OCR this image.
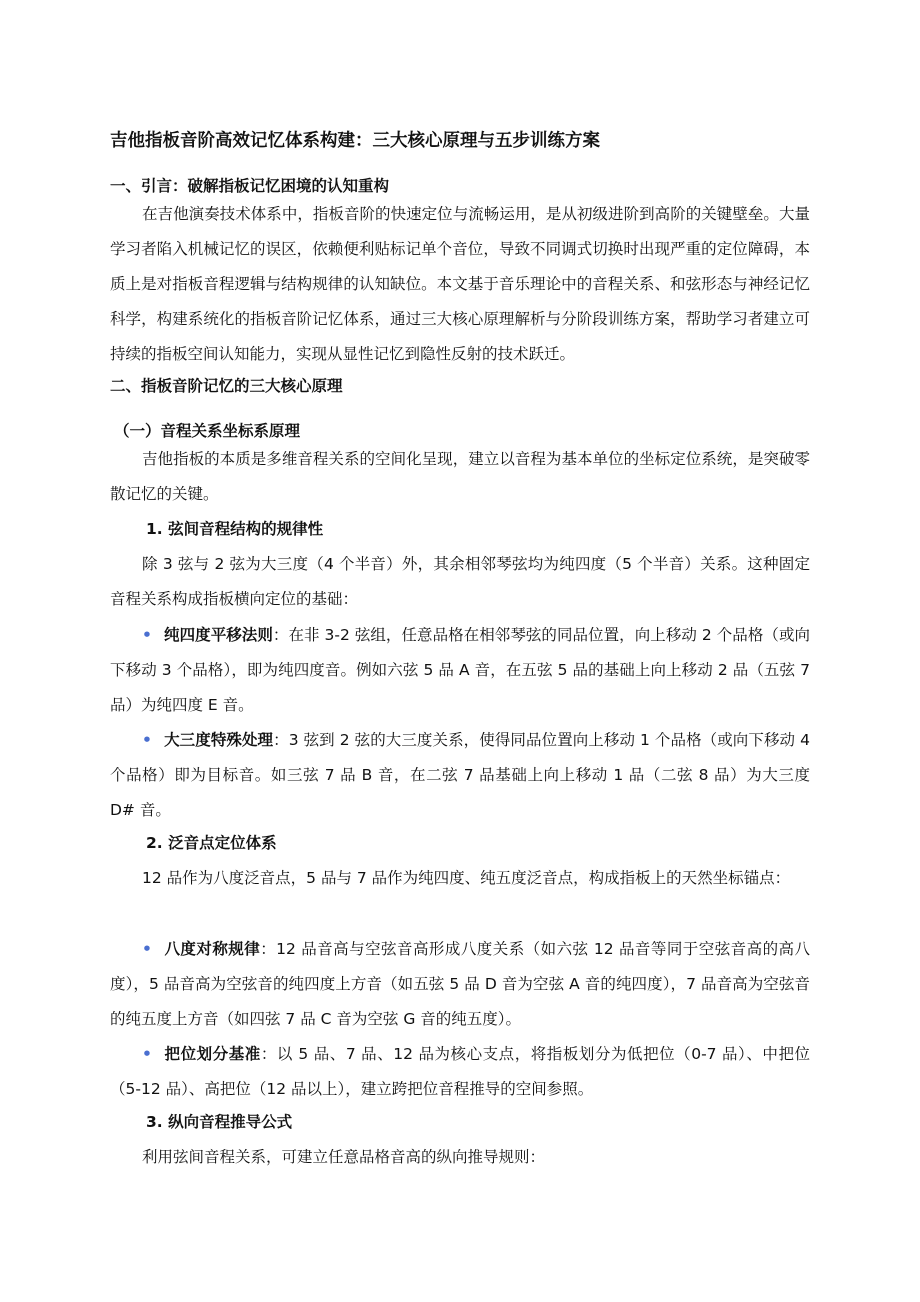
吉他指板音阶高效记忆体系构建：三大核心原理与五步训练方案

一、引言：破解指板记忆困境的认知重构

在吉他演奏技术体系中，指板音阶的快速定位与流畅运用，是从初级进阶到高阶的关键壁垒。大量学习者陷入机械记忆的误区，依赖便利贴标记单个音位，导致不同调式切换时出现严重的定位障碍，本质上是对指板音程逻辑与结构规律的认知缺位。本文基于音乐理论中的音程关系、和弦形态与神经记忆科学，构建系统化的指板音阶记忆体系，通过三大核心原理解析与分阶段训练方案，帮助学习者建立可持续的指板空间认知能力，实现从显性记忆到隐性反射的技术跃迁。

二、指板音阶记忆的三大核心原理

（一）音程关系坐标系原理

吉他指板的本质是多维音程关系的空间化呈现，建立以音程为基本单位的坐标定位系统，是突破零散记忆的关键。

1. 弦间音程结构的规律性

除 3 弦与 2 弦为大三度（4 个半音）外，其余相邻琴弦均为纯四度（5 个半音）关系。这种固定音程关系构成指板横向定位的基础：

• 纯四度平移法则：在非 3-2 弦组，任意品格在相邻琴弦的同品位置，向上移动 2 个品格（或向下移动 3 个品格），即为纯四度音。例如六弦 5 品 A 音，在五弦 5 品的基础上向上移动 2 品（五弦 7 品）为纯四度 E 音。

• 大三度特殊处理：3 弦到 2 弦的大三度关系，使得同品位置向上移动 1 个品格（或向下移动 4 个品格）即为目标音。如三弦 7 品 B 音，在二弦 7 品基础上向上移动 1 品（二弦 8 品）为大三度 D# 音。

2. 泛音点定位体系

12 品作为八度泛音点，5 品与 7 品作为纯四度、纯五度泛音点，构成指板上的天然坐标锚点：

• 八度对称规律：12 品音高与空弦音高形成八度关系（如六弦 12 品音等同于空弦音高的高八度），5 品音高为空弦音的纯四度上方音（如五弦 5 品 D 音为空弦 A 音的纯四度），7 品音高为空弦音的纯五度上方音（如四弦 7 品 C 音为空弦 G 音的纯五度）。

• 把位划分基准：以 5 品、7 品、12 品为核心支点，将指板划分为低把位（0-7 品）、中把位（5-12 品）、高把位（12 品以上），建立跨把位音程推导的空间参照。

3. 纵向音程推导公式

利用弦间音程关系，可建立任意品格音高的纵向推导规则：
